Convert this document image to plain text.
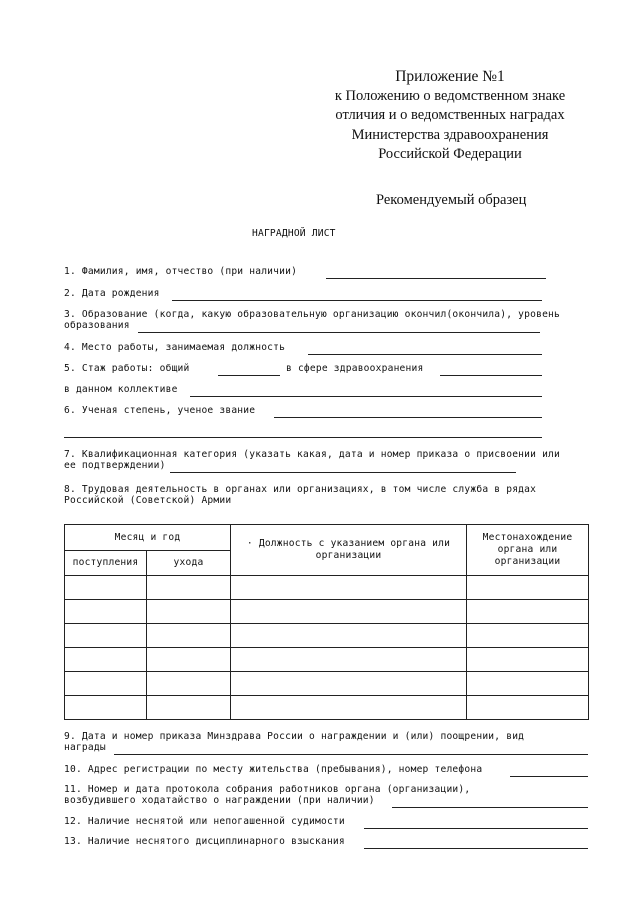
Приложение №1
к Положению о ведомственном знаке
отличия и о ведомственных наградах
Министерства здравоохранения
Российской Федерации
Рекомендуемый образец
НАГРАДНОЙ ЛИСТ
1. Фамилия, имя, отчество (при наличии)
2. Дата рождения
3. Образование (когда, какую образовательную организацию окончил(окончила), уровень
образования
4. Место работы, занимаемая должность
5. Стаж работы: общий	в сфере здравоохранения
в данном коллективе
6. Ученая степень, ученое звание
7. Квалификационная категория (указать какая, дата и номер приказа о присвоении или
ее подтверждении)
8. Трудовая деятельность в органах или организациях, в том числе служба в рядах
Российской (Советской) Армии
Месяц и год		· Должность с указанием органа или организации	Местонахождение органа или организации
поступления	ухода		

9. Дата и номер приказа Минздрава России о награждении и (или) поощрении, вид
награды
10. Адрес регистрации по месту жительства (пребывания), номер телефона
11. Номер и дата протокола собрания работников органа (организации),
возбудившего ходатайство о награждении (при наличии)
12. Наличие неснятой или непогашенной судимости
13. Наличие неснятого дисциплинарного взыскания
